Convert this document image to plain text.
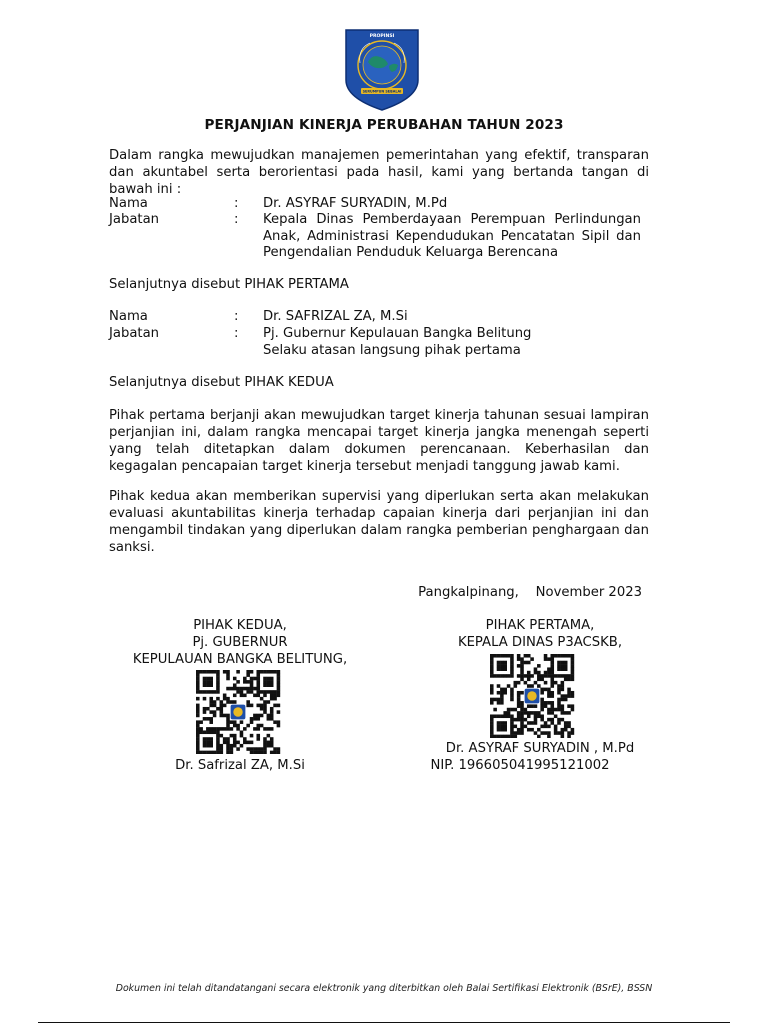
PROPINSI
SERUMPUN SEBALAI
PERJANJIAN KINERJA PERUBAHAN TAHUN 2023
Dalam rangka mewujudkan manajemen pemerintahan yang efektif, transparan dan akuntabel serta berorientasi pada hasil, kami yang bertanda tangan di bawah ini :
Nama	: Dr. ASYRAF SURYADIN, M.Pd
Jabatan	: Kepala Dinas Pemberdayaan Perempuan Perlindungan Anak, Administrasi Kependudukan Pencatatan Sipil dan Pengendalian Penduduk Keluarga Berencana
Selanjutnya disebut PIHAK PERTAMA
Nama	: Dr. SAFRIZAL ZA, M.Si
Jabatan	: Pj. Gubernur Kepulauan Bangka Belitung
Selaku atasan langsung pihak pertama
Selanjutnya disebut PIHAK KEDUA
Pihak pertama berjanji akan mewujudkan target kinerja tahunan sesuai lampiran perjanjian ini, dalam rangka mencapai target kinerja jangka menengah seperti yang telah ditetapkan dalam dokumen perencanaan. Keberhasilan dan kegagalan pencapaian target kinerja tersebut menjadi tanggung jawab kami.
Pihak kedua akan memberikan supervisi yang diperlukan serta akan melakukan evaluasi akuntabilitas kinerja terhadap capaian kinerja dari perjanjian ini dan mengambil tindakan yang diperlukan dalam rangka pemberian penghargaan dan sanksi.
Pangkalpinang,    November 2023
PIHAK KEDUA,
Pj. GUBERNUR
KEPULAUAN BANGKA BELITUNG,
Dr. Safrizal ZA, M.Si
PIHAK PERTAMA,
KEPALA DINAS P3ACSKB,
Dr. ASYRAF SURYADIN , M.Pd
NIP. 196605041995121002
Dokumen ini telah ditandatangani secara elektronik yang diterbitkan oleh Balai Sertifikasi Elektronik (BSrE), BSSN
